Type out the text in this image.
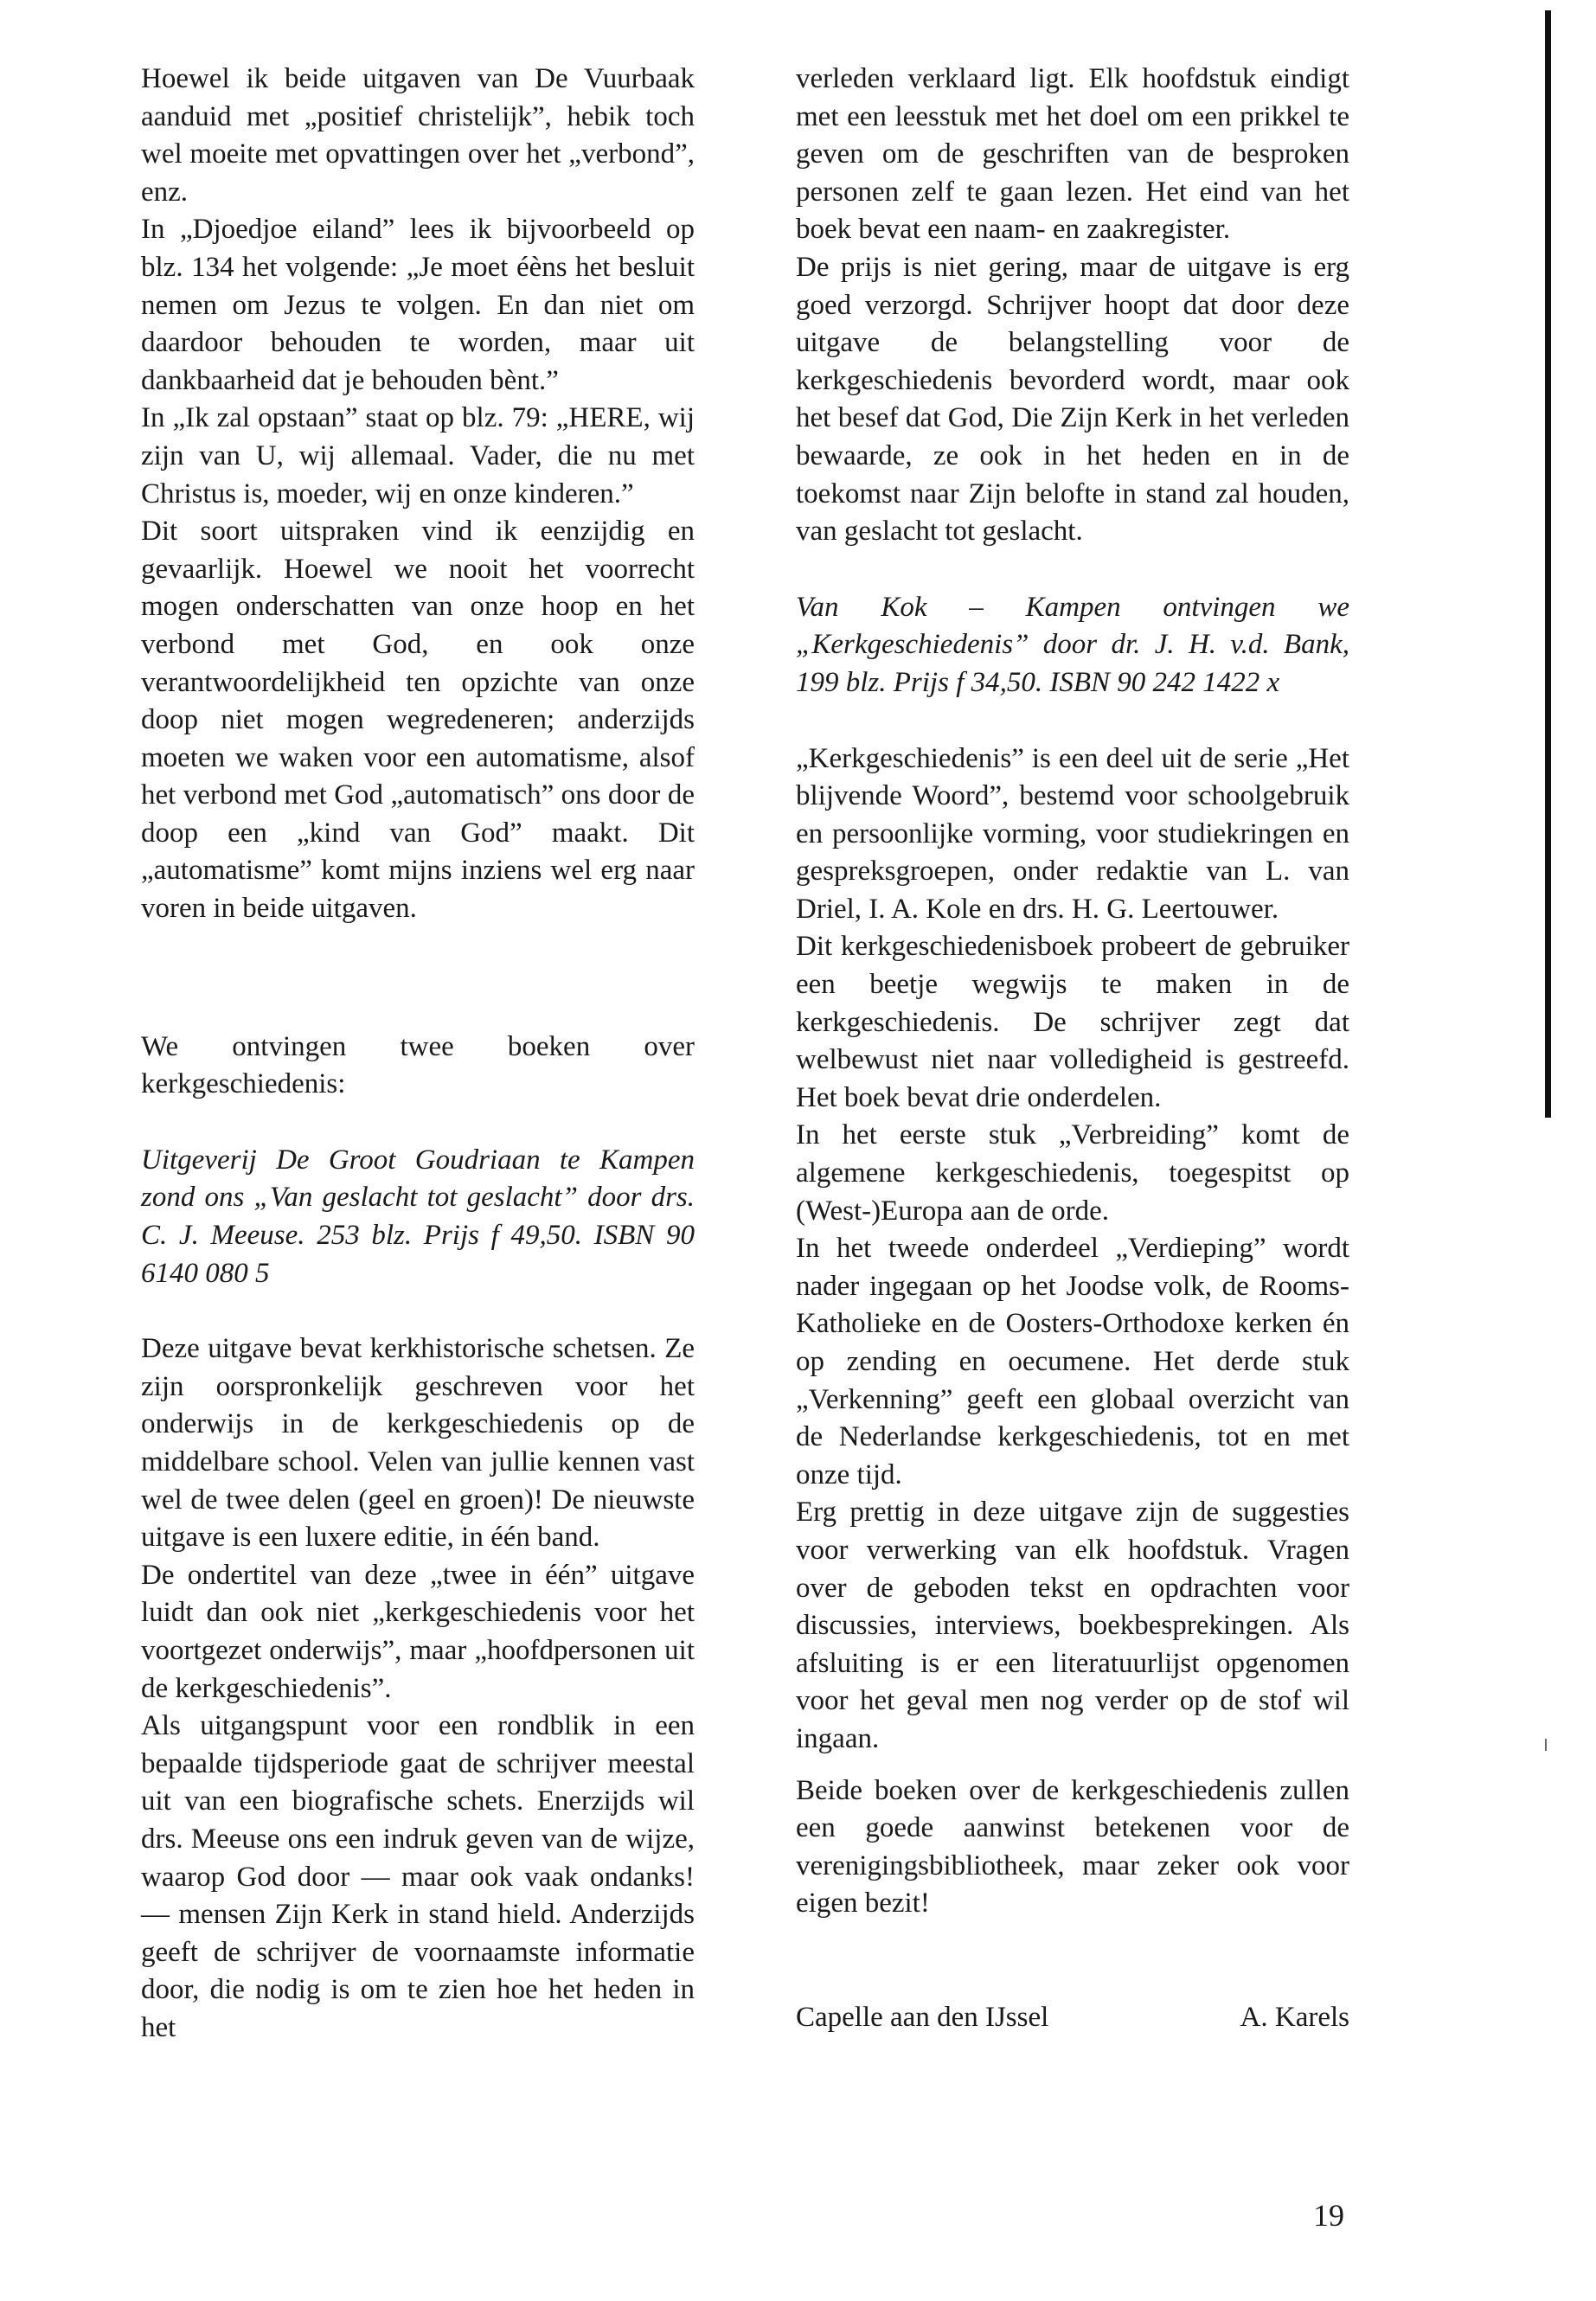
Hoewel ik beide uitgaven van De Vuurbaak aanduid met „positief christelijk”, hebik toch wel moeite met opvattingen over het „verbond”, enz.

In „Djoedjoe eiland” lees ik bijvoorbeeld op blz. 134 het volgende: „Je moet éèns het besluit nemen om Jezus te volgen. En dan niet om daardoor behouden te worden, maar uit dankbaarheid dat je behouden bènt.”

In „Ik zal opstaan” staat op blz. 79: „HERE, wij zijn van U, wij allemaal. Vader, die nu met Christus is, moeder, wij en onze kinderen.”

Dit soort uitspraken vind ik eenzijdig en gevaarlijk. Hoewel we nooit het voorrecht mogen onderschatten van onze hoop en het verbond met God, en ook onze verantwoordelijkheid ten opzichte van onze doop niet mogen wegredeneren; anderzijds moeten we waken voor een automatisme, alsof het verbond met God „automatisch” ons door de doop een „kind van God” maakt. Dit „automatisme” komt mijns inziens wel erg naar voren in beide uitgaven.

We ontvingen twee boeken over kerkgeschiedenis:

Uitgeverij De Groot Goudriaan te Kampen zond ons „Van geslacht tot geslacht” door drs. C. J. Meeuse. 253 blz. Prijs f 49,50. ISBN 90 6140 080 5

Deze uitgave bevat kerkhistorische schetsen. Ze zijn oorspronkelijk geschreven voor het onderwijs in de kerkgeschiedenis op de middelbare school. Velen van jullie kennen vast wel de twee delen (geel en groen)! De nieuwste uitgave is een luxere editie, in één band.

De ondertitel van deze „twee in één” uitgave luidt dan ook niet „kerkgeschiedenis voor het voortgezet onderwijs”, maar „hoofdpersonen uit de kerkgeschiedenis”.

Als uitgangspunt voor een rondblik in een bepaalde tijdsperiode gaat de schrijver meestal uit van een biografische schets. Enerzijds wil drs. Meeuse ons een indruk geven van de wijze, waarop God door — maar ook vaak ondanks! — mensen Zijn Kerk in stand hield. Anderzijds geeft de schrijver de voornaamste informatie door, die nodig is om te zien hoe het heden in het

verleden verklaard ligt. Elk hoofdstuk eindigt met een leesstuk met het doel om een prikkel te geven om de geschriften van de besproken personen zelf te gaan lezen. Het eind van het boek bevat een naam- en zaakregister.

De prijs is niet gering, maar de uitgave is erg goed verzorgd. Schrijver hoopt dat door deze uitgave de belangstelling voor de kerkgeschiedenis bevorderd wordt, maar ook het besef dat God, Die Zijn Kerk in het verleden bewaarde, ze ook in het heden en in de toekomst naar Zijn belofte in stand zal houden, van geslacht tot geslacht.

Van Kok – Kampen ontvingen we „Kerkgeschiedenis” door dr. J. H. v.d. Bank, 199 blz. Prijs f 34,50. ISBN 90 242 1422 x

„Kerkgeschiedenis” is een deel uit de serie „Het blijvende Woord”, bestemd voor schoolgebruik en persoonlijke vorming, voor studiekringen en gespreksgroepen, onder redaktie van L. van Driel, I. A. Kole en drs. H. G. Leertouwer.

Dit kerkgeschiedenisboek probeert de gebruiker een beetje wegwijs te maken in de kerkgeschiedenis. De schrijver zegt dat welbewust niet naar volledigheid is gestreefd. Het boek bevat drie onderdelen.

In het eerste stuk „Verbreiding” komt de algemene kerkgeschiedenis, toegespitst op (West-)Europa aan de orde.

In het tweede onderdeel „Verdieping” wordt nader ingegaan op het Joodse volk, de Rooms-Katholieke en de Oosters-Orthodoxe kerken én op zending en oecumene. Het derde stuk „Verkenning” geeft een globaal overzicht van de Nederlandse kerkgeschiedenis, tot en met onze tijd.

Erg prettig in deze uitgave zijn de suggesties voor verwerking van elk hoofdstuk. Vragen over de geboden tekst en opdrachten voor discussies, interviews, boekbesprekingen. Als afsluiting is er een literatuurlijst opgenomen voor het geval men nog verder op de stof wil ingaan.

Beide boeken over de kerkgeschiedenis zullen een goede aanwinst betekenen voor de verenigingsbibliotheek, maar zeker ook voor eigen bezit!

Capelle aan den IJssel	A. Karels
19
